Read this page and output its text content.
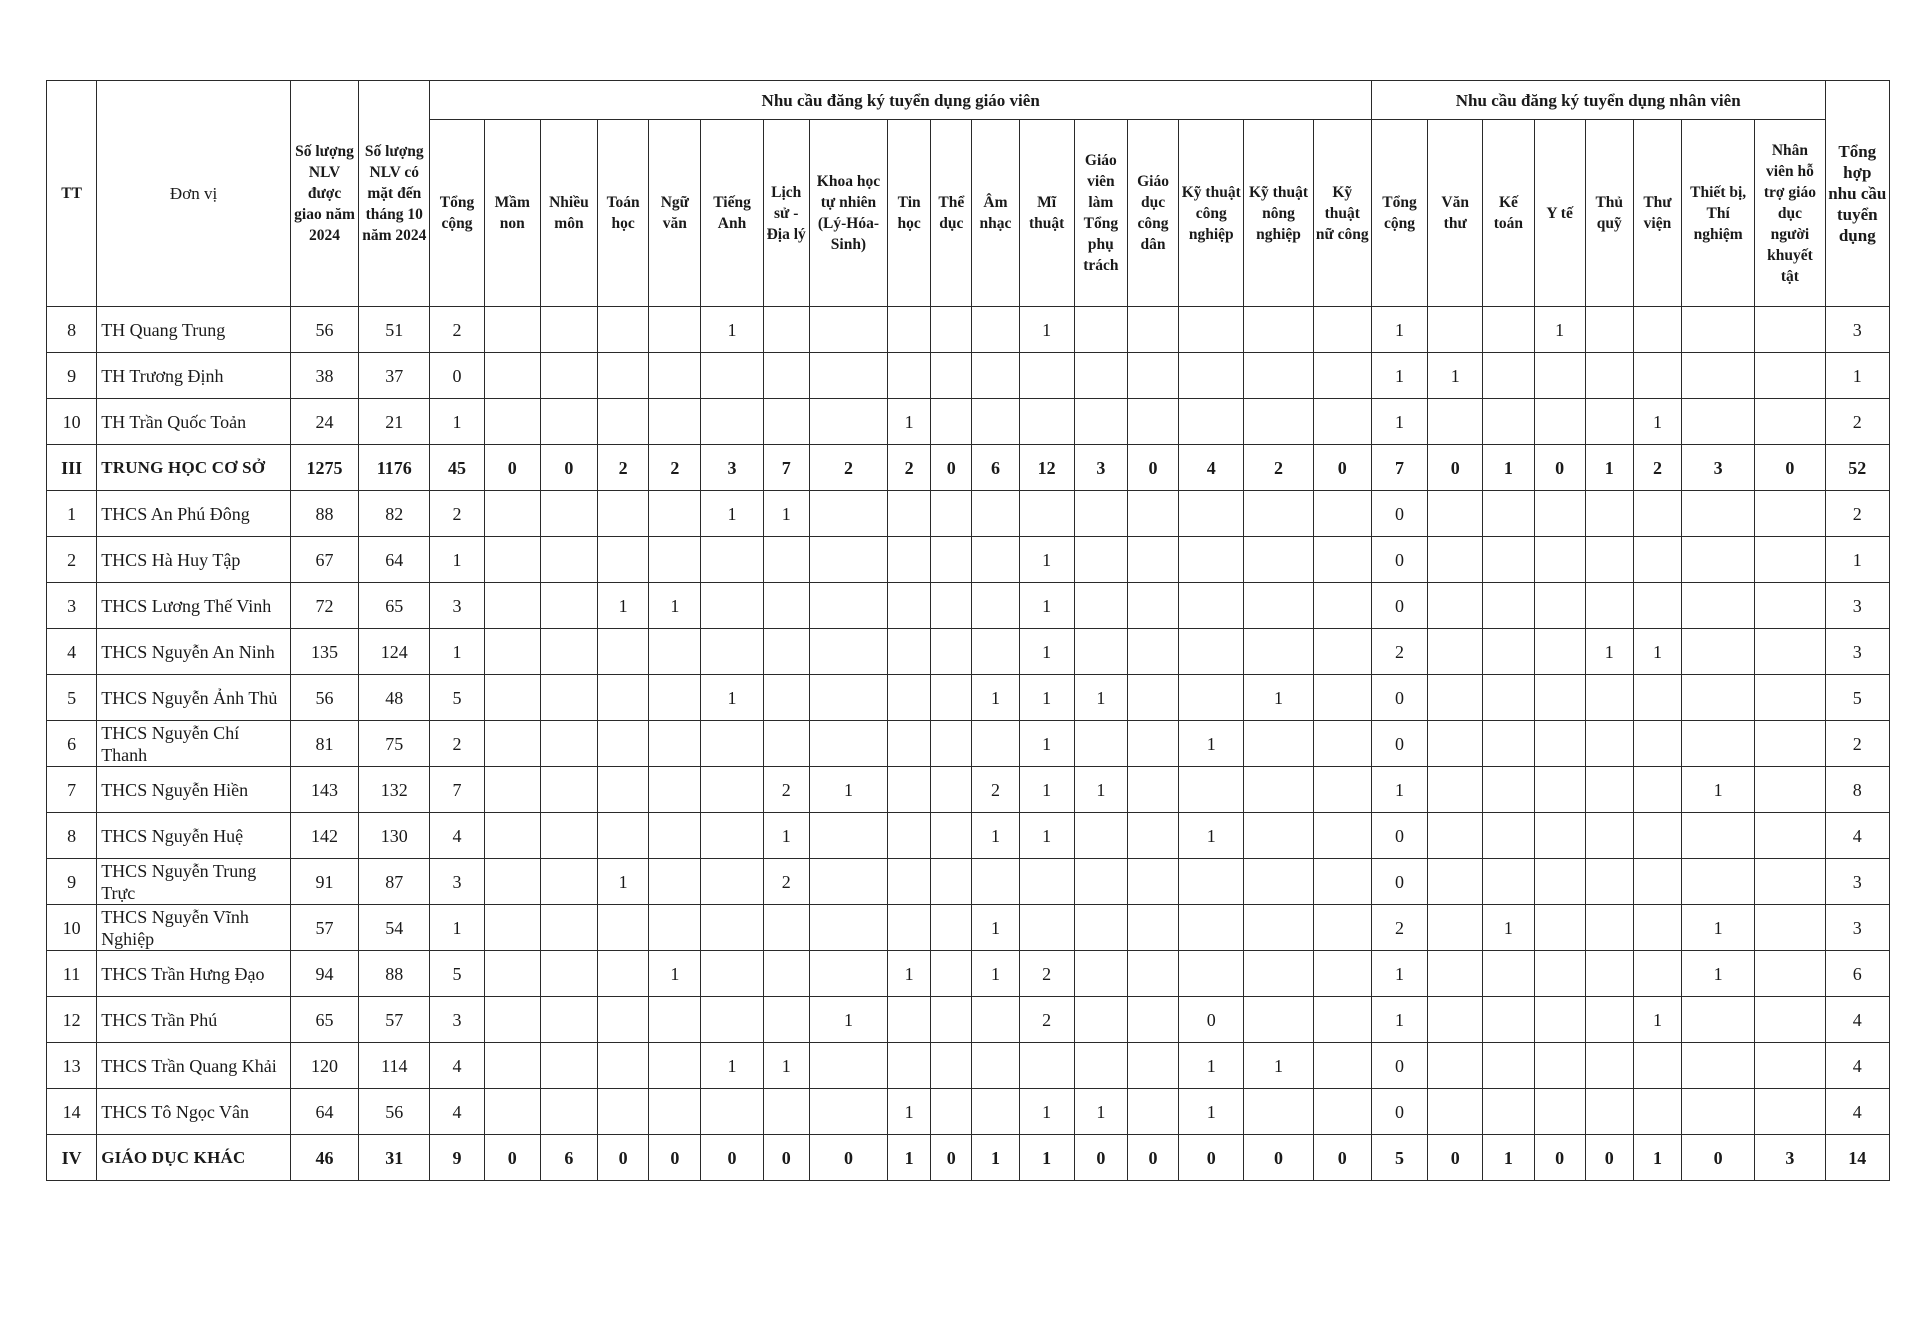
TT	Đơn vị	Số lượng NLV được giao năm 2024	Số lượng NLV có mặt đến tháng 10 năm 2024	Nhu cầu đăng ký tuyển dụng giáo viên																	Nhu cầu đăng ký tuyển dụng nhân viên								Tổng hợp nhu cầu tuyển dụng
				Tổng cộng	Mầm non	Nhiều môn	Toán học	Ngữ văn	Tiếng Anh	Lịch sử - Địa lý	Khoa học tự nhiên (Lý-Hóa-Sinh)	Tin học	Thể dục	Âm nhạc	Mĩ thuật	Giáo viên làm Tổng phụ trách	Giáo dục công dân	Kỹ thuật công nghiệp	Kỹ thuật nông nghiệp	Kỹ thuật nữ công	Tổng cộng	Văn thư	Kế toán	Y tế	Thủ quỹ	Thư viện	Thiết bị, Thí nghiệm	Nhân viên hỗ trợ giáo dục người khuyết tật	
8	TH Quang Trung	56	51	2					1						1						1			1					3
9	TH Trương Định	38	37	0																	1	1							1
10	TH Trần Quốc Toản	24	21	1								1									1					1			2
III	TRUNG HỌC CƠ SỞ	1275	1176	45	0	0	2	2	3	7	2	2	0	6	12	3	0	4	2	0	7	0	1	0	1	2	3	0	52
1	THCS An Phú Đông	88	82	2					1	1											0								2
2	THCS Hà Huy Tập	67	64	1											1						0								1
3	THCS Lương Thế Vinh	72	65	3			1	1							1						0								3
4	THCS Nguyễn An Ninh	135	124	1											1						2				1	1			3
5	THCS Nguyễn Ảnh Thủ	56	48	5					1					1	1	1			1		0								5
6	THCS Nguyễn Chí Thanh	81	75	2											1			1			0								2
7	THCS Nguyễn Hiền	143	132	7						2	1			2	1	1					1						1		8
8	THCS Nguyễn Huệ	142	130	4						1				1	1			1			0								4
9	THCS Nguyễn Trung Trực	91	87	3			1			2											0								3
10	THCS Nguyễn Vĩnh Nghiệp	57	54	1										1							2		1				1		3
11	THCS Trần Hưng Đạo	94	88	5				1				1		1	2						1						1		6
12	THCS Trần Phú	65	57	3							1				2			0			1					1			4
13	THCS Trần Quang Khải	120	114	4					1	1								1	1		0								4
14	THCS Tô Ngọc Vân	64	56	4								1			1	1		1			0								4
IV	GIÁO DỤC KHÁC	46	31	9	0	6	0	0	0	0	0	1	0	1	1	0	0	0	0	0	5	0	1	0	0	1	0	3	14
